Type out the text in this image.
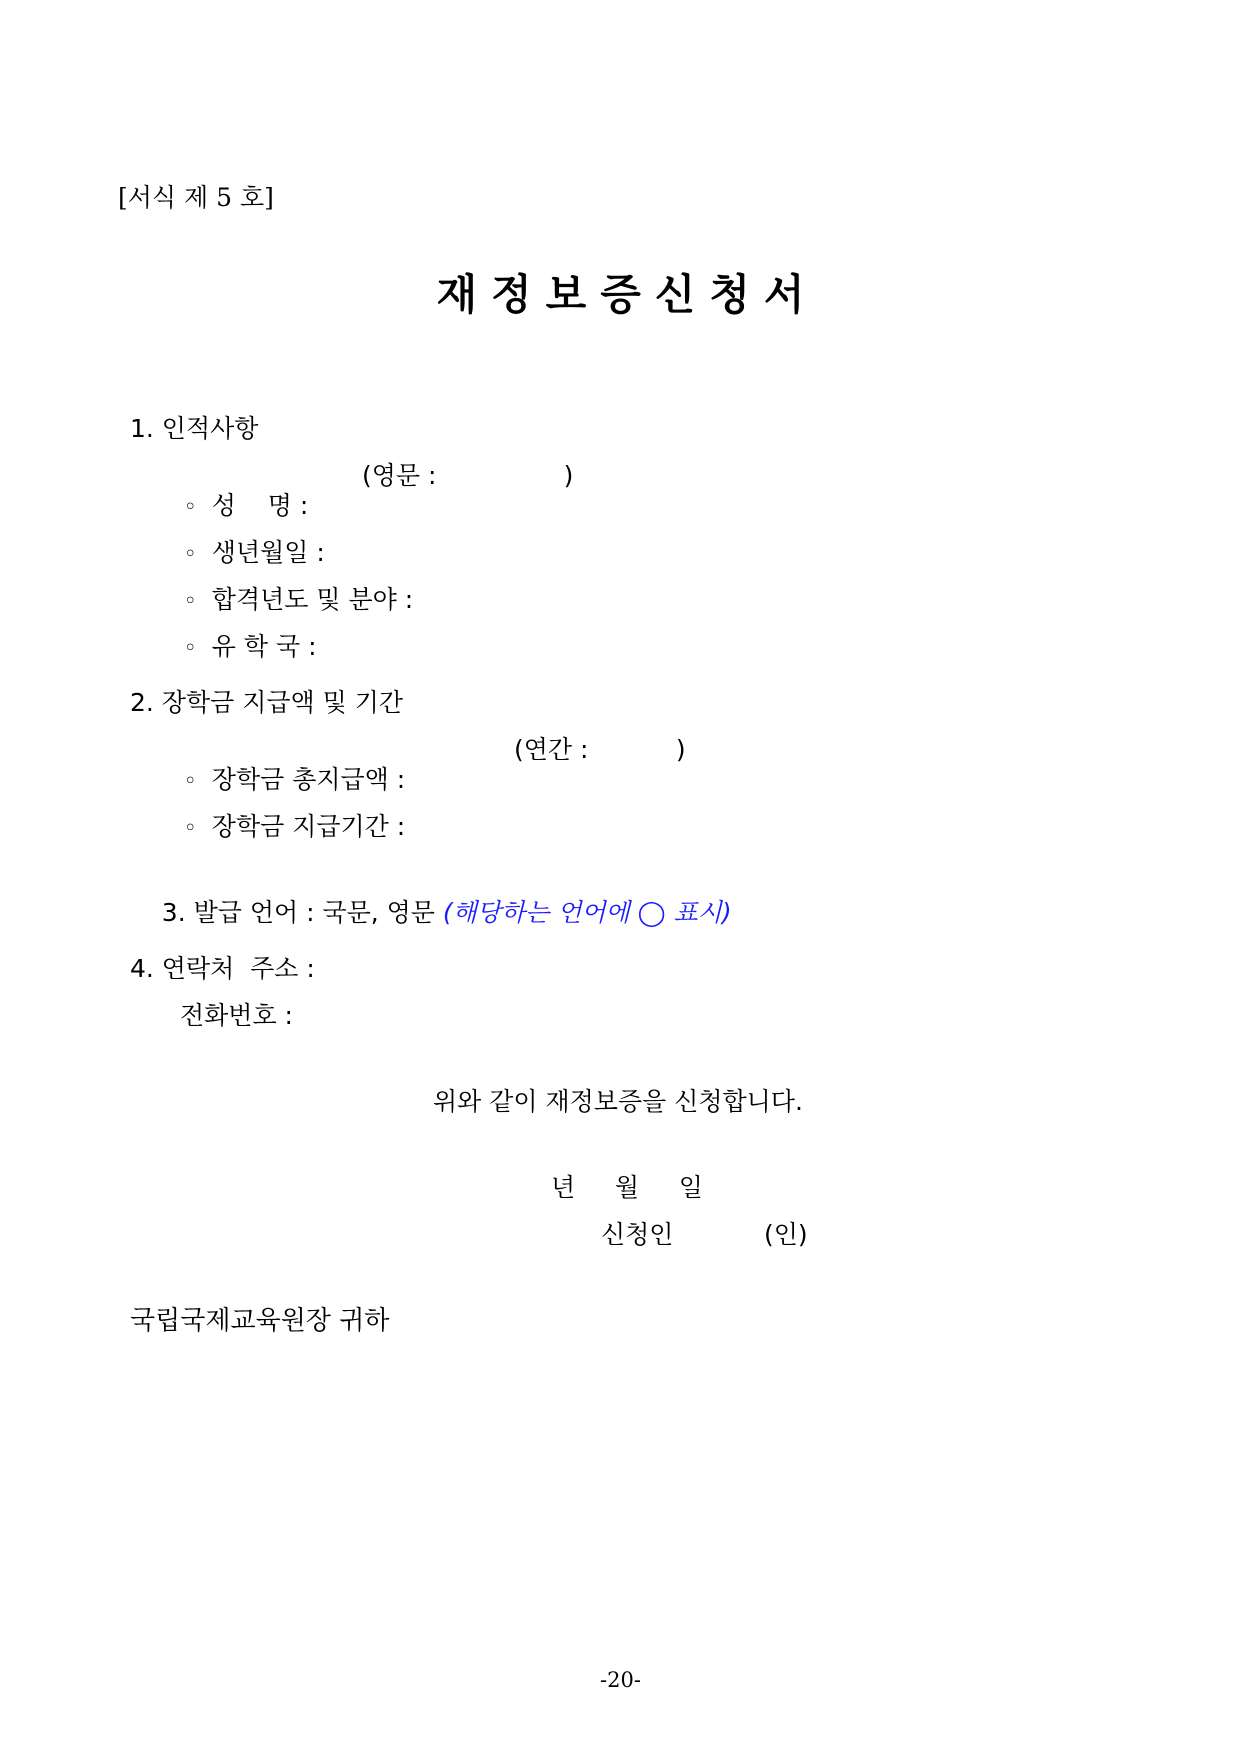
[서식 제 5 호]
재정보증신청서
1. 인적사항

◦ 성    명 :

(영문 :                )

◦ 생년월일 :

◦ 합격년도 및 분야 :

◦ 유 학 국 :

2. 장학금 지급액 및 기간

◦ 장학금 총지급액 :

(연간 :           )

◦ 장학금 지급기간 :

3. 발급 언어 : 국문, 영문 (해당하는 언어에 ◯ 표시)

4. 연락처  주소 :
전화번호 :
위와 같이 재정보증을 신청합니다.
년     월     일
신청인	(인)
국립국제교육원장 귀하
-20-
